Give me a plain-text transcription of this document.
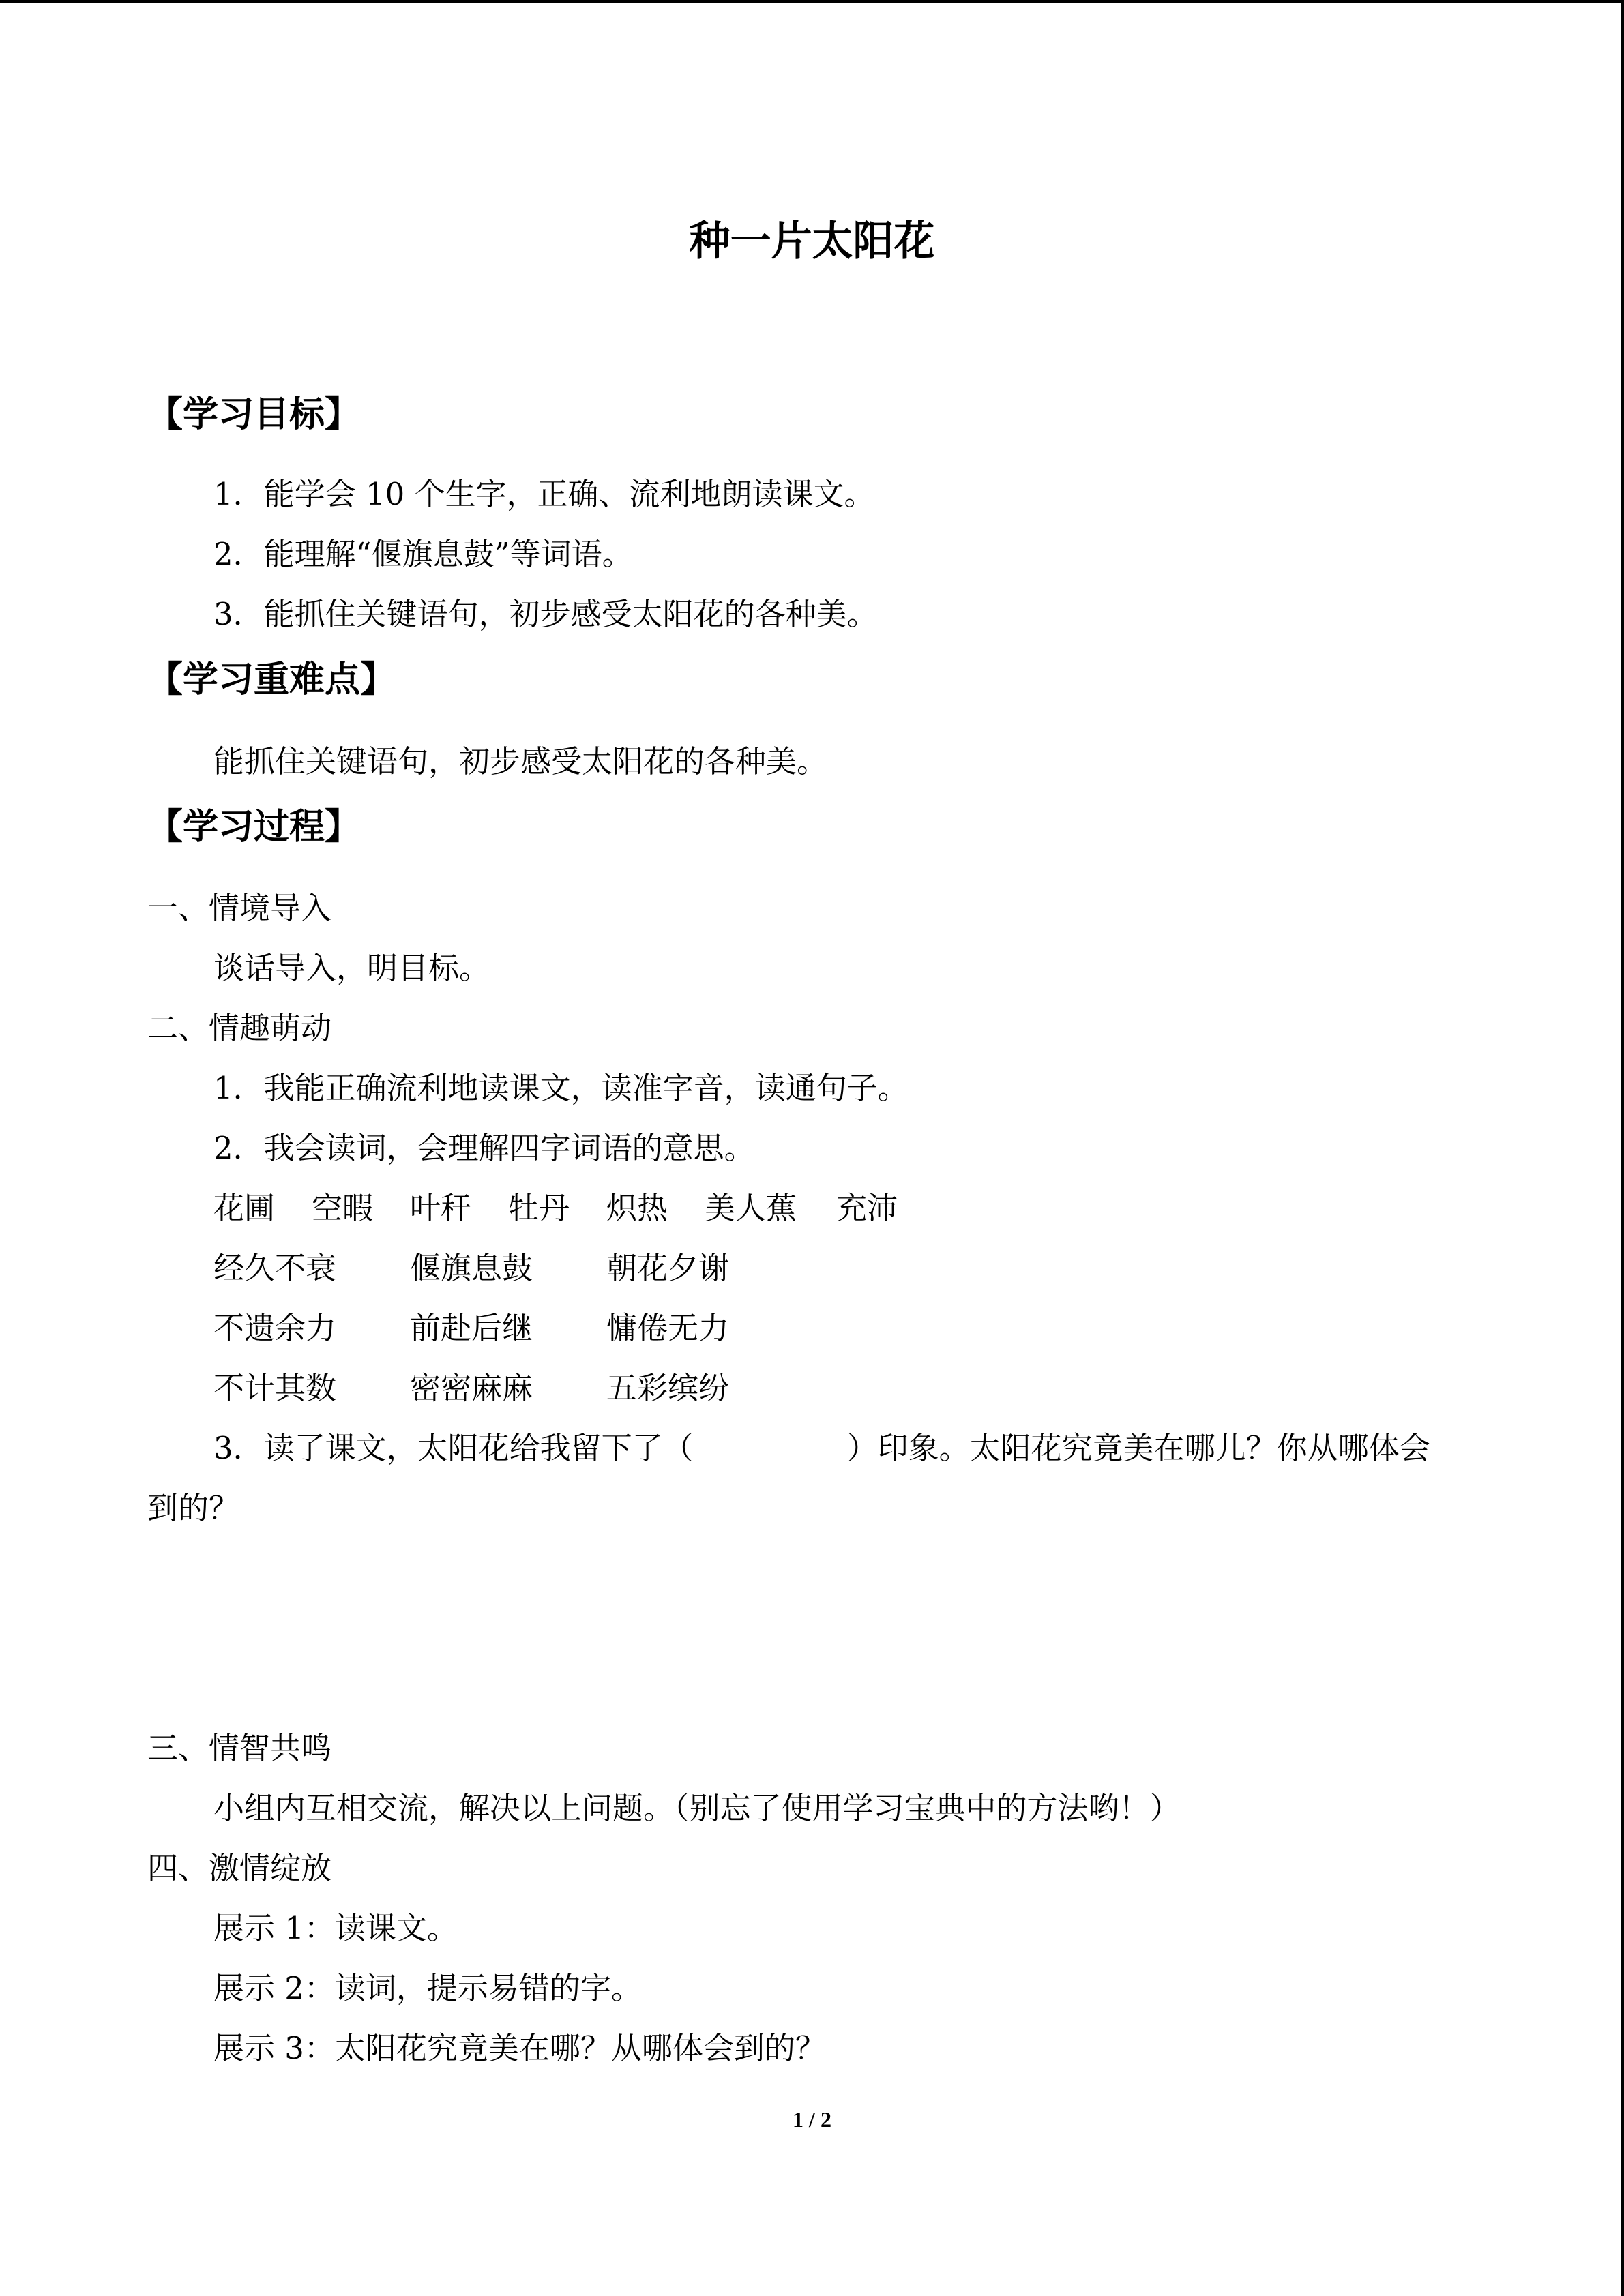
种一片太阳花
【学习目标】
1．能学会 10 个生字，正确、流利地朗读课文。
2．能理解“偃旗息鼓”等词语。
3．能抓住关键语句，初步感受太阳花的各种美。
【学习重难点】
能抓住关键语句，初步感受太阳花的各种美。
【学习过程】
一、情境导入
谈话导入，明目标。
二、情趣萌动
1．我能正确流利地读课文，读准字音，读通句子。
2．我会读词，会理解四字词语的意思。
花圃 空暇 叶秆 牡丹 炽热 美人蕉 充沛
经久不衰 偃旗息鼓 朝花夕谢
不遗余力 前赴后继 慵倦无力
不计其数 密密麻麻 五彩缤纷
3．读了课文，太阳花给我留下了（　　　　　）印象。太阳花究竟美在哪儿？你从哪体会
到的？
三、情智共鸣
小组内互相交流，解决以上问题。（别忘了使用学习宝典中的方法哟！）
四、激情绽放
展示 1：读课文。
展示 2：读词，提示易错的字。
展示 3：太阳花究竟美在哪？从哪体会到的？
1 / 2
